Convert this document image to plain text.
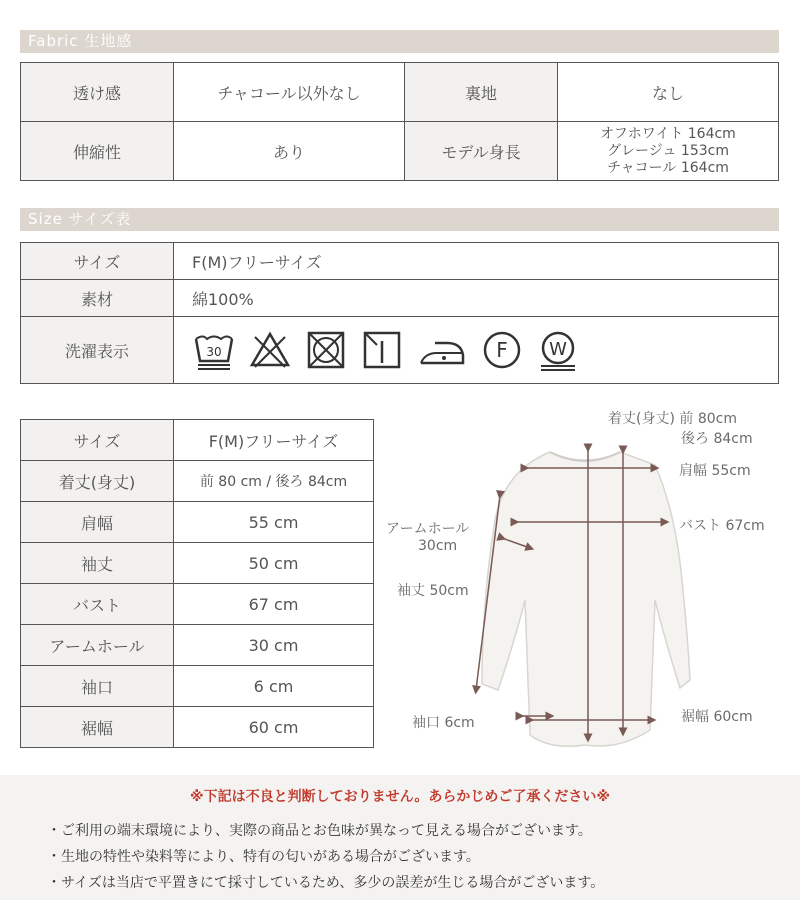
Fabric 生地感
透け感	チャコール以外なし	裏地	なし
伸縮性	あり	モデル身長	オフホワイト 164cm
グレージュ 153cm
チャコール 164cm
Size サイズ表
サイズ	F(M)フリーサイズ
素材	綿100%
洗濯表示	30 F W
サイズ	F(M)フリーサイズ
着丈(身丈)	前 80 cm / 後ろ 84cm
肩幅	55 cm
袖丈	50 cm
バスト	67 cm
アームホール	30 cm
袖口	6 cm
裾幅	60 cm
着丈(身丈) 前 80cm
後ろ 84cm
肩幅 55cm
アームホール
30cm
バスト 67cm
袖丈 50cm
袖口 6cm	裾幅 60cm
※下記は不良と判断しておりません。あらかじめご了承ください※
・ご利用の端末環境により、実際の商品とお色味が異なって見える場合がございます。
・生地の特性や染料等により、特有の匂いがある場合がございます。
・サイズは当店で平置きにて採寸しているため、多少の誤差が生じる場合がございます。
